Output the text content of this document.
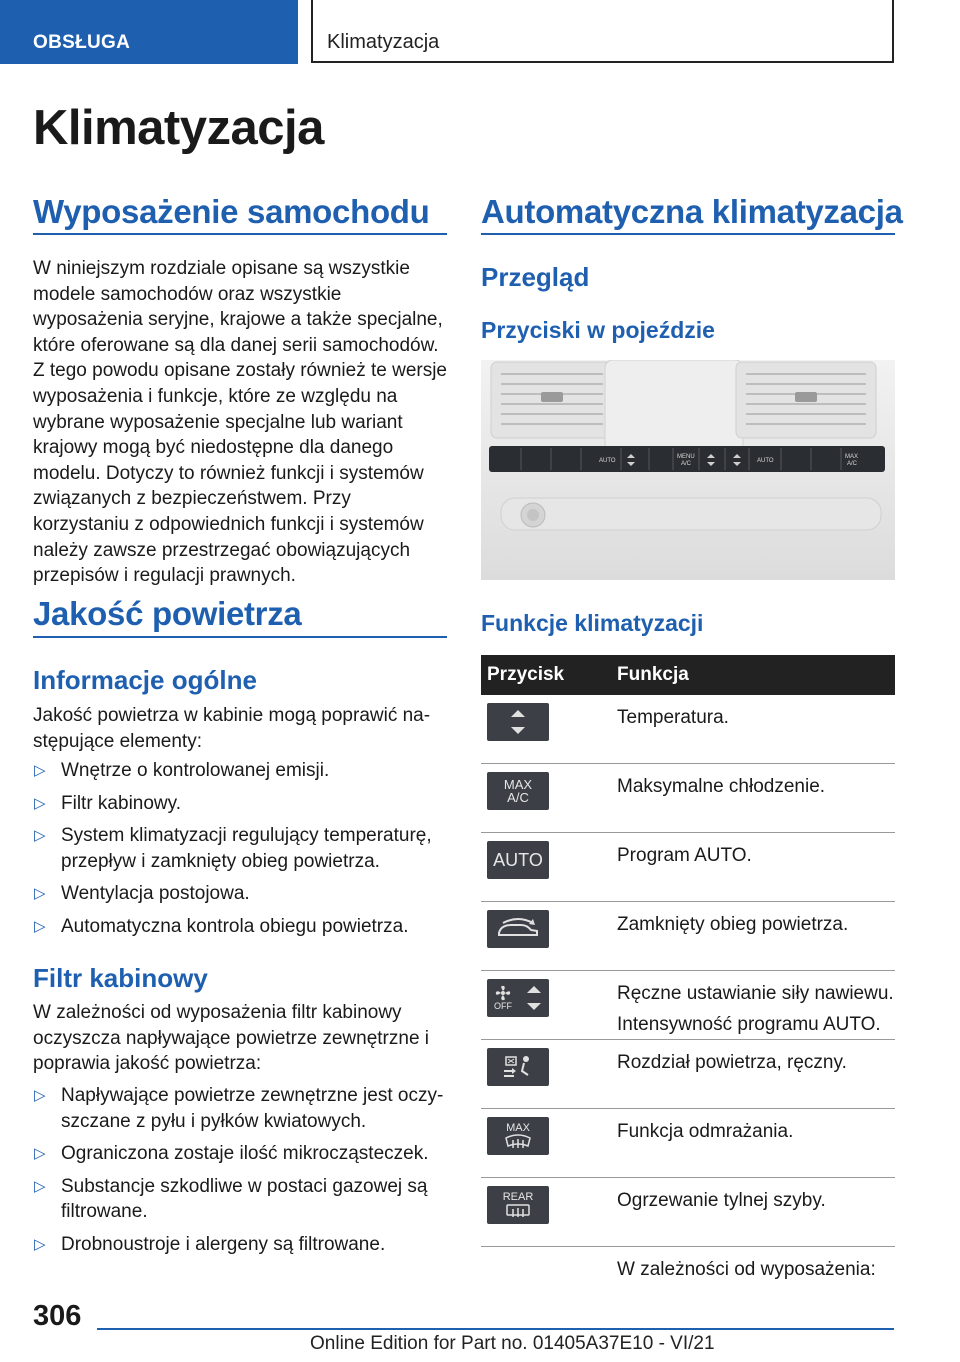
OBSŁUGA	Klimatyzacja
Klimatyzacja
Wyposażenie samochodu

W niniejszym rozdziale opisane są wszystkie modele samochodów oraz wszystkie wyposażenia seryjne, krajowe a także specjalne, które oferowane są dla danej serii samochodów. Z tego powodu opisane zostały również te wersje wyposażenia i funkcje, które ze względu na wybrane wyposażenie specjalne lub wariant krajowy mogą być niedostępne dla danego modelu. Dotyczy to również funkcji i systemów związanych z bezpieczeństwem. Przy korzystaniu z odpowiednich funkcji i systemów należy zawsze przestrzegać obowiązujących przepisów i regulacji prawnych.

Jakość powietrza
Informacje ogólne

Jakość powietrza w kabinie mogą poprawić następujące elementy:

▷ Wnętrze o kontrolowanej emisji.
▷ Filtr kabinowy.
▷ System klimatyzacji regulujący temperaturę, przepływ i zamknięty obieg powietrza.
▷ Wentylacja postojowa.
▷ Automatyczna kontrola obiegu powietrza.
Filtr kabinowy

W zależności od wyposażenia filtr kabinowy oczyszcza napływające powietrze zewnętrzne i poprawia jakość powietrza:

▷ Napływające powietrze zewnętrzne jest oczyszczane z pyłu i pyłków kwiatowych.
▷ Ograniczona zostaje ilość mikrocząsteczek.
▷ Substancje szkodliwe w postaci gazowej są filtrowane.
▷ Drobnoustroje i alergeny są filtrowane.
Automatyczna klimatyzacja
Przegląd
Przyciski w pojeździe
AUTO
MENU
A/C	AUTO
MAX
A/C
Funkcje klimatyzacji
Przycisk	Funkcja

	Temperatura.

MAX
A/C	Maksymalne chłodzenie.

AUTO	Program AUTO.

	Zamknięty obieg powietrza.

OFF	Ręczne ustawianie siły nawiewu.
Intensywność programu AUTO.

	Rozdział powietrza, ręczny.

MAX	Funkcja odmrażania.

REAR	Ogrzewanie tylnej szyby.
	W zależności od wyposażenia:
306
Online Edition for Part no. 01405A37E10 - VI/21
